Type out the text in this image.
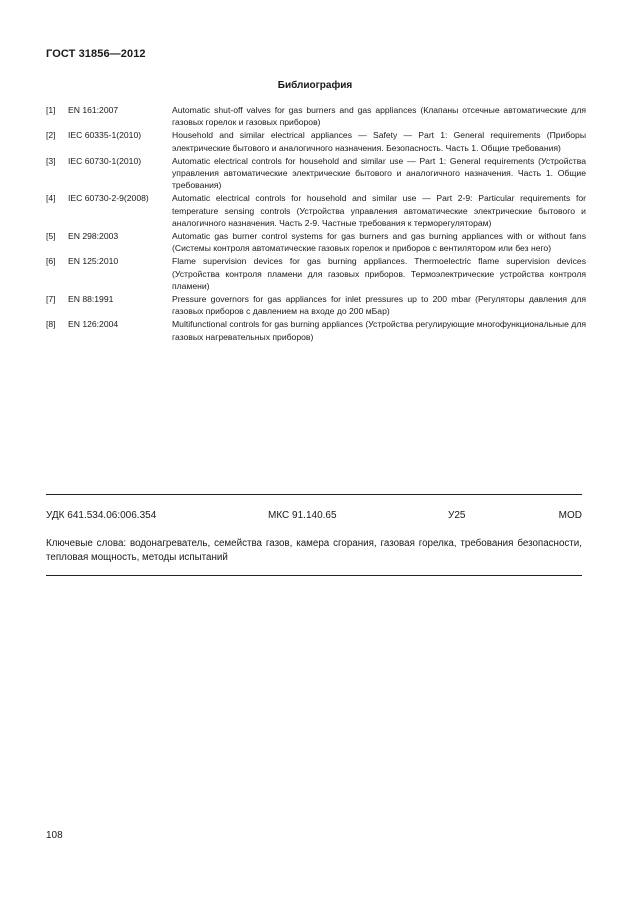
ГОСТ 31856—2012
Библиография
[1]	EN 161:2007	Automatic shut-off valves for gas burners and gas appliances (Клапаны отсечные автоматические для газовых горелок и газовых приборов)
[2]	IEC 60335-1(2010)	Household and similar electrical appliances — Safety — Part 1: General requirements (Приборы электрические бытового и аналогичного назначения. Безопасность. Часть 1. Общие требования)
[3]	IEC 60730-1(2010)	Automatic electrical controls for household and similar use — Part 1: General requirements (Устройства управления автоматические электрические бытового и аналогичного назначения. Часть 1. Общие требования)
[4]	IEC 60730-2-9(2008)	Automatic electrical controls for household and similar use — Part 2-9: Particular requirements for temperature sensing controls (Устройства управления автоматические электрические бытового и аналогичного назначения. Часть 2-9. Частные требования к терморегуляторам)
[5]	EN 298:2003	Automatic gas burner control systems for gas burners and gas burning appliances with or without fans (Системы контроля автоматические газовых горелок и приборов с вентилятором или без него)
[6]	EN 125:2010	Flame supervision devices for gas burning appliances. Thermoelectric flame supervision devices (Устройства контроля пламени для газовых приборов. Термоэлектрические устройства контроля пламени)
[7]	EN 88:1991	Pressure governors for gas appliances for inlet pressures up to 200 mbar (Регуляторы давления для газовых приборов с давлением на входе до 200 мБар)
[8]	EN 126:2004	Multifunctional controls for gas burning appliances (Устройства регулирующие многофункциональные для газовых нагревательных приборов)
УДК 641.534.06:006.354	МКС 91.140.65	У25	MOD
Ключевые слова: водонагреватель, семейства газов, камера сгорания, газовая горелка, требования безопасности, тепловая мощность, методы испытаний
108
